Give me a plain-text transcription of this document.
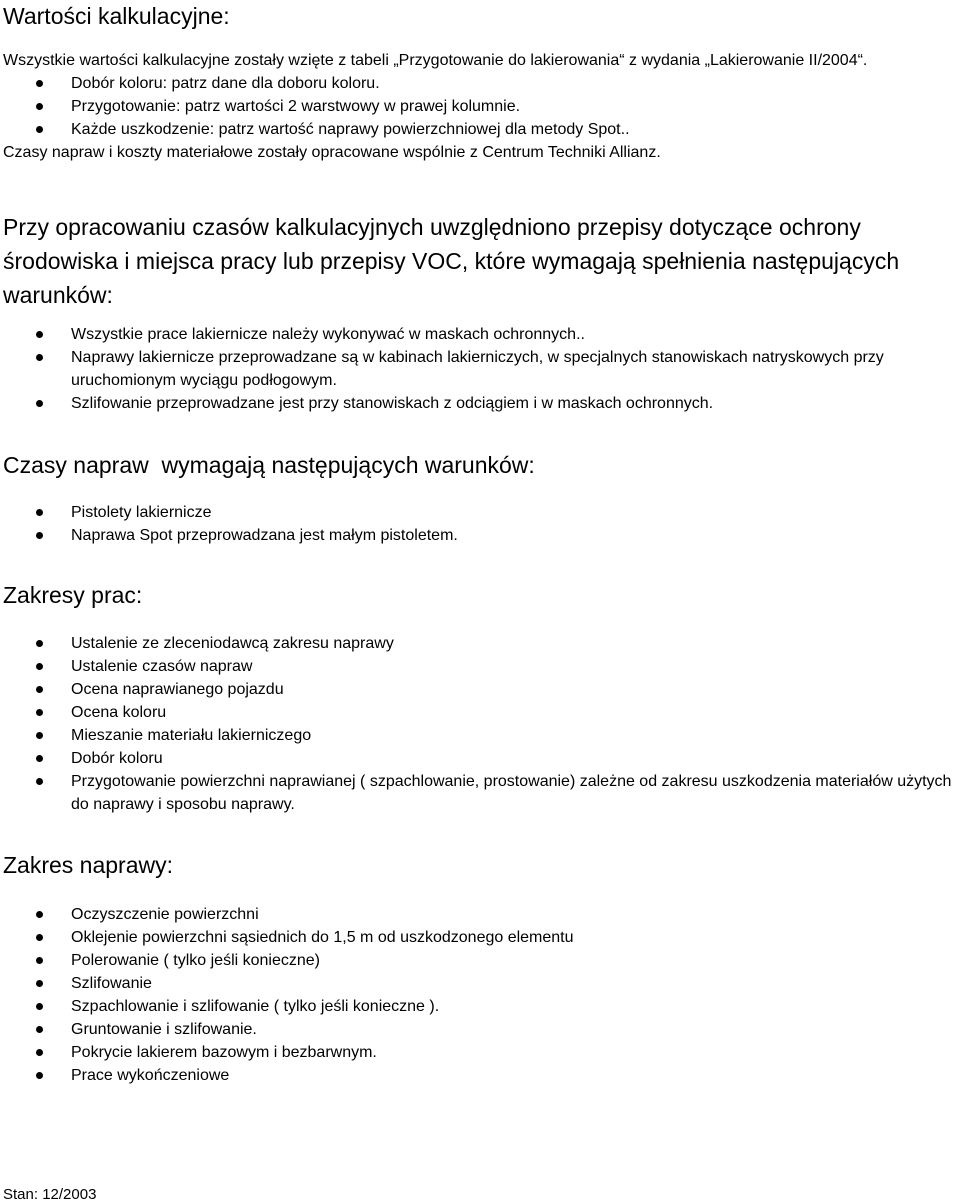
Wartości kalkulacyjne:

Wszystkie wartości kalkulacyjne zostały wzięte z tabeli „Przygotowanie do lakierowania“ z wydania „Lakierowanie II/2004“.

Dobór koloru: patrz dane dla doboru koloru.
Przygotowanie: patrz wartości 2 warstwowy w prawej kolumnie.
Każde uszkodzenie: patrz wartość naprawy powierzchniowej dla metody Spot..

Czasy napraw i koszty materiałowe zostały opracowane wspólnie z Centrum Techniki Allianz.

Przy opracowaniu czasów kalkulacyjnych uwzględniono przepisy dotyczące ochrony środowiska i miejsca pracy lub przepisy VOC, które wymagają spełnienia następujących warunków:

Wszystkie prace lakiernicze należy wykonywać w maskach ochronnych..
Naprawy lakiernicze przeprowadzane są w kabinach lakierniczych, w specjalnych stanowiskach natryskowych przy uruchomionym wyciągu podłogowym.
Szlifowanie przeprowadzane jest przy stanowiskach z odciągiem i w maskach ochronnych.
Czasy napraw  wymagają następujących warunków:
Pistolety lakiernicze
Naprawa Spot przeprowadzana jest małym pistoletem.
Zakresy prac:
Ustalenie ze zleceniodawcą zakresu naprawy
Ustalenie czasów napraw
Ocena naprawianego pojazdu
Ocena koloru
Mieszanie materiału lakierniczego
Dobór koloru
Przygotowanie powierzchni naprawianej ( szpachlowanie, prostowanie) zależne od zakresu uszkodzenia materiałów użytych do naprawy i sposobu naprawy.
Zakres naprawy:
Oczyszczenie powierzchni
Oklejenie powierzchni sąsiednich do 1,5 m od uszkodzonego elementu
Polerowanie ( tylko jeśli konieczne)
Szlifowanie
Szpachlowanie i szlifowanie ( tylko jeśli konieczne ).
Gruntowanie i szlifowanie.
Pokrycie lakierem bazowym i bezbarwnym.
Prace wykończeniowe
Stan: 12/2003
